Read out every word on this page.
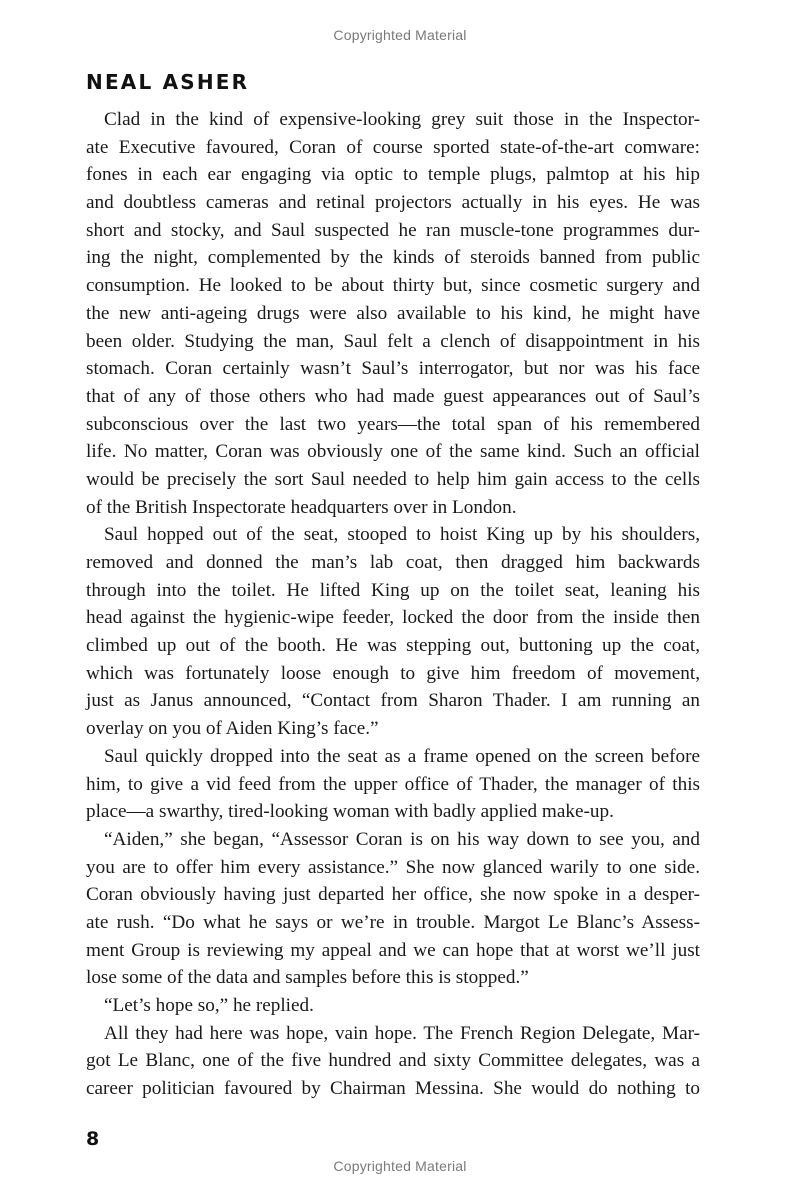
Copyrighted Material
NEAL ASHER
Clad in the kind of expensive-looking grey suit those in the Inspector-
ate Executive favoured, Coran of course sported state-of-the-art comware:
fones in each ear engaging via optic to temple plugs, palmtop at his hip
and doubtless cameras and retinal projectors actually in his eyes. He was
short and stocky, and Saul suspected he ran muscle-tone programmes dur-
ing the night, complemented by the kinds of steroids banned from public
consumption. He looked to be about thirty but, since cosmetic surgery and
the new anti-ageing drugs were also available to his kind, he might have
been older. Studying the man, Saul felt a clench of disappointment in his
stomach. Coran certainly wasn’t Saul’s interrogator, but nor was his face
that of any of those others who had made guest appearances out of Saul’s
subconscious over the last two years—the total span of his remembered
life. No matter, Coran was obviously one of the same kind. Such an official
would be precisely the sort Saul needed to help him gain access to the cells
of the British Inspectorate headquarters over in London.
Saul hopped out of the seat, stooped to hoist King up by his shoulders,
removed and donned the man’s lab coat, then dragged him backwards
through into the toilet. He lifted King up on the toilet seat, leaning his
head against the hygienic-wipe feeder, locked the door from the inside then
climbed up out of the booth. He was stepping out, buttoning up the coat,
which was fortunately loose enough to give him freedom of movement,
just as Janus announced, “Contact from Sharon Thader. I am running an
overlay on you of Aiden King’s face.”
Saul quickly dropped into the seat as a frame opened on the screen before
him, to give a vid feed from the upper office of Thader, the manager of this
place—a swarthy, tired-looking woman with badly applied make-up.
“Aiden,” she began, “Assessor Coran is on his way down to see you, and
you are to offer him every assistance.” She now glanced warily to one side.
Coran obviously having just departed her office, she now spoke in a desper-
ate rush. “Do what he says or we’re in trouble. Margot Le Blanc’s Assess-
ment Group is reviewing my appeal and we can hope that at worst we’ll just
lose some of the data and samples before this is stopped.”
“Let’s hope so,” he replied.
All they had here was hope, vain hope. The French Region Delegate, Mar-
got Le Blanc, one of the five hundred and sixty Committee delegates, was a
career politician favoured by Chairman Messina. She would do nothing to
8
Copyrighted Material
